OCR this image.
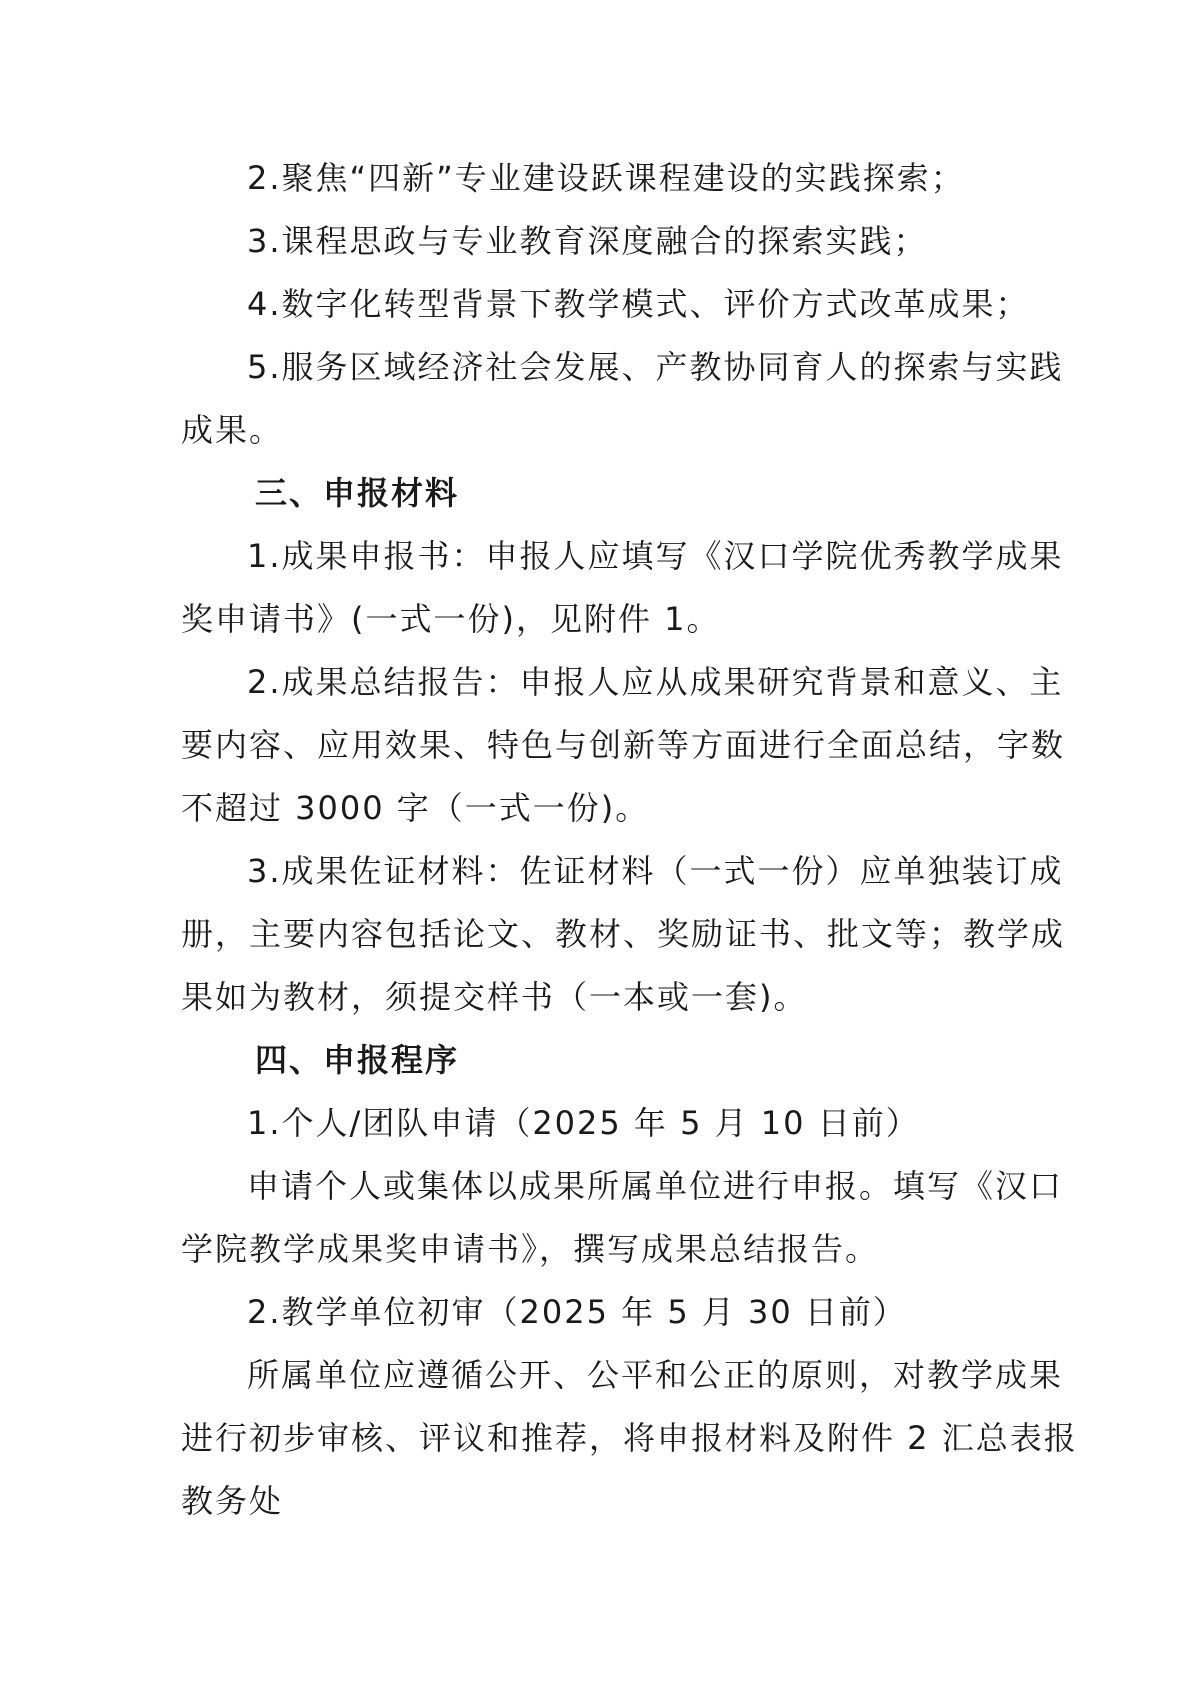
2.聚焦“四新”专业建设跃课程建设的实践探索；

3.课程思政与专业教育深度融合的探索实践；

4.数字化转型背景下教学模式、评价方式改革成果；

5.服务区域经济社会发展、产教协同育人的探索与实践

成果。

三、申报材料

1.成果申报书：申报人应填写《汉口学院优秀教学成果

奖申请书》(一式一份)，见附件 1。

2.成果总结报告：申报人应从成果研究背景和意义、主

要内容、应用效果、特色与创新等方面进行全面总结，字数

不超过 3000 字（一式一份)。

3.成果佐证材料：佐证材料（一式一份）应单独装订成

册，主要内容包括论文、教材、奖励证书、批文等；教学成

果如为教材，须提交样书（一本或一套)。

四、申报程序

1.个人/团队申请（2025 年 5 月 10 日前）

申请个人或集体以成果所属单位进行申报。填写《汉口

学院教学成果奖申请书》，撰写成果总结报告。

2.教学单位初审（2025 年 5 月 30 日前）

所属单位应遵循公开、公平和公正的原则，对教学成果

进行初步审核、评议和推荐，将申报材料及附件 2 汇总表报

教务处
